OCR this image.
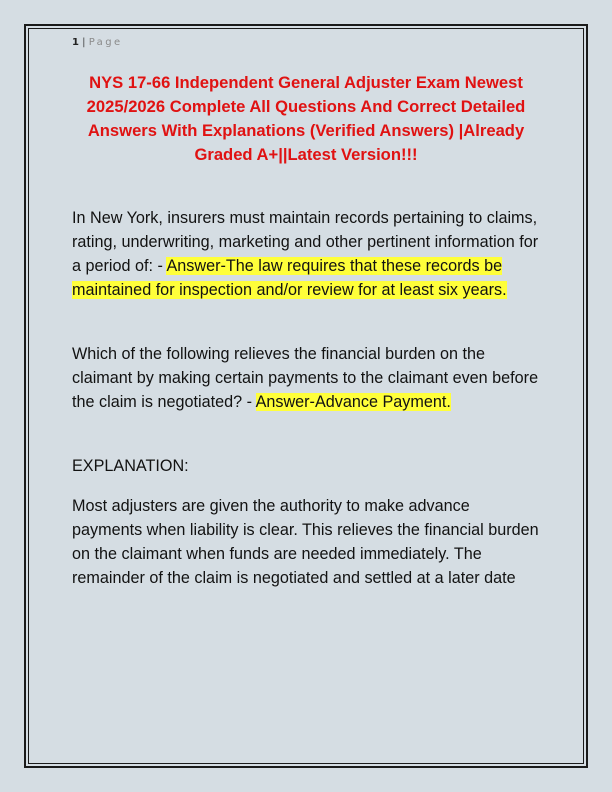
1 | Page
NYS 17-66 Independent General Adjuster Exam Newest 2025/2026 Complete All Questions And Correct Detailed Answers With Explanations (Verified Answers) |Already Graded A+||Latest Version!!!

In New York, insurers must maintain records pertaining to claims, rating, underwriting, marketing and other pertinent information for a period of: - Answer-The law requires that these records be maintained for inspection and/or review for at least six years.

Which of the following relieves the financial burden on the claimant by making certain payments to the claimant even before the claim is negotiated? - Answer-Advance Payment.

EXPLANATION:

Most adjusters are given the authority to make advance payments when liability is clear. This relieves the financial burden on the claimant when funds are needed immediately. The remainder of the claim is negotiated and settled at a later date
